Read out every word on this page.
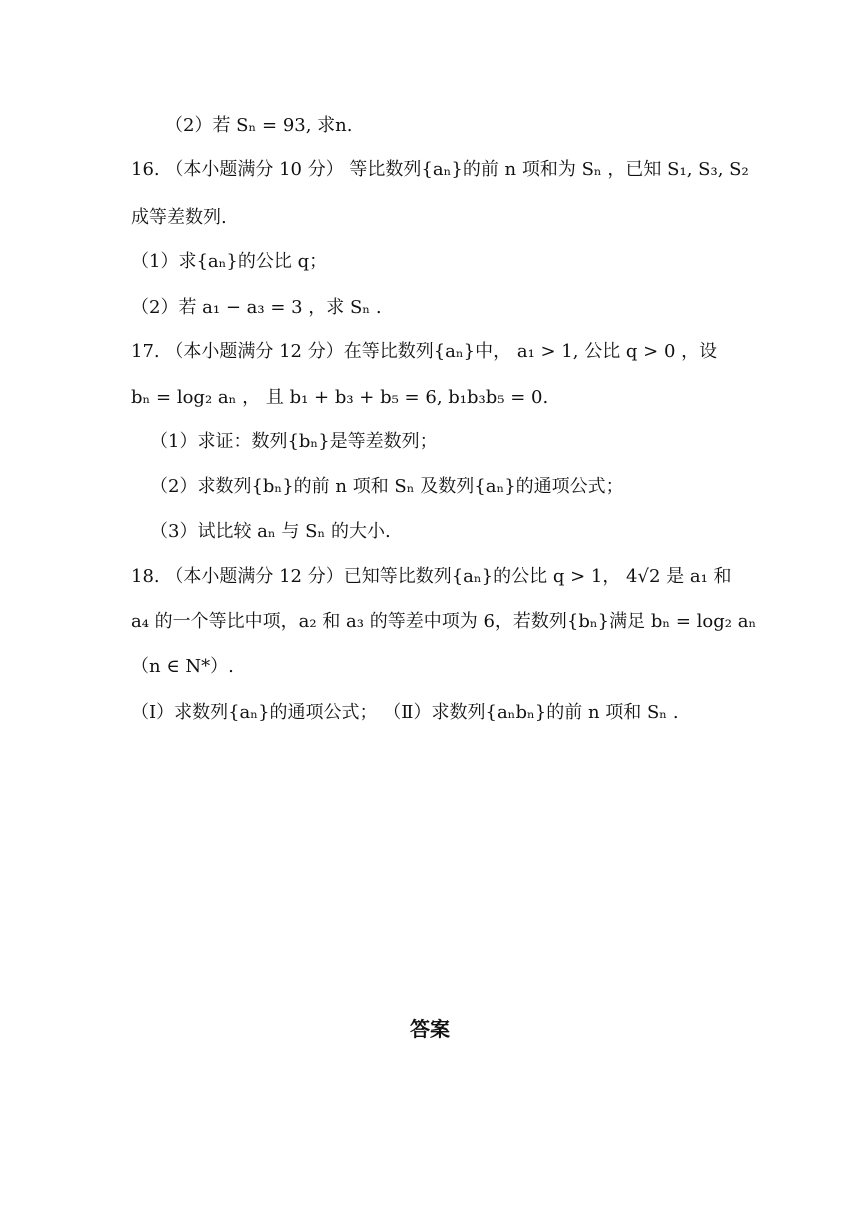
（2）若 Sₙ = 93, 求n.
16. （本小题满分 10 分） 等比数列{aₙ}的前 n 项和为 Sₙ ，已知 S₁, S₃, S₂
成等差数列.
（1）求{aₙ}的公比 q；
（2）若 a₁ − a₃ = 3 ，求 Sₙ .
17. （本小题满分 12 分）在等比数列{aₙ}中， a₁ > 1, 公比 q > 0 ，设
bₙ = log₂ aₙ ， 且 b₁ + b₃ + b₅ = 6, b₁b₃b₅ = 0.
（1）求证：数列{bₙ}是等差数列；
（2）求数列{bₙ}的前 n 项和 Sₙ 及数列{aₙ}的通项公式；
（3）试比较 aₙ 与 Sₙ 的大小.
18. （本小题满分 12 分）已知等比数列{aₙ}的公比 q > 1， 4√2 是 a₁ 和
a₄ 的一个等比中项，a₂ 和 a₃ 的等差中项为 6，若数列{bₙ}满足 bₙ = log₂ aₙ
（n ∈ N*）.
（Ⅰ）求数列{aₙ}的通项公式； （Ⅱ）求数列{aₙbₙ}的前 n 项和 Sₙ .
答案
